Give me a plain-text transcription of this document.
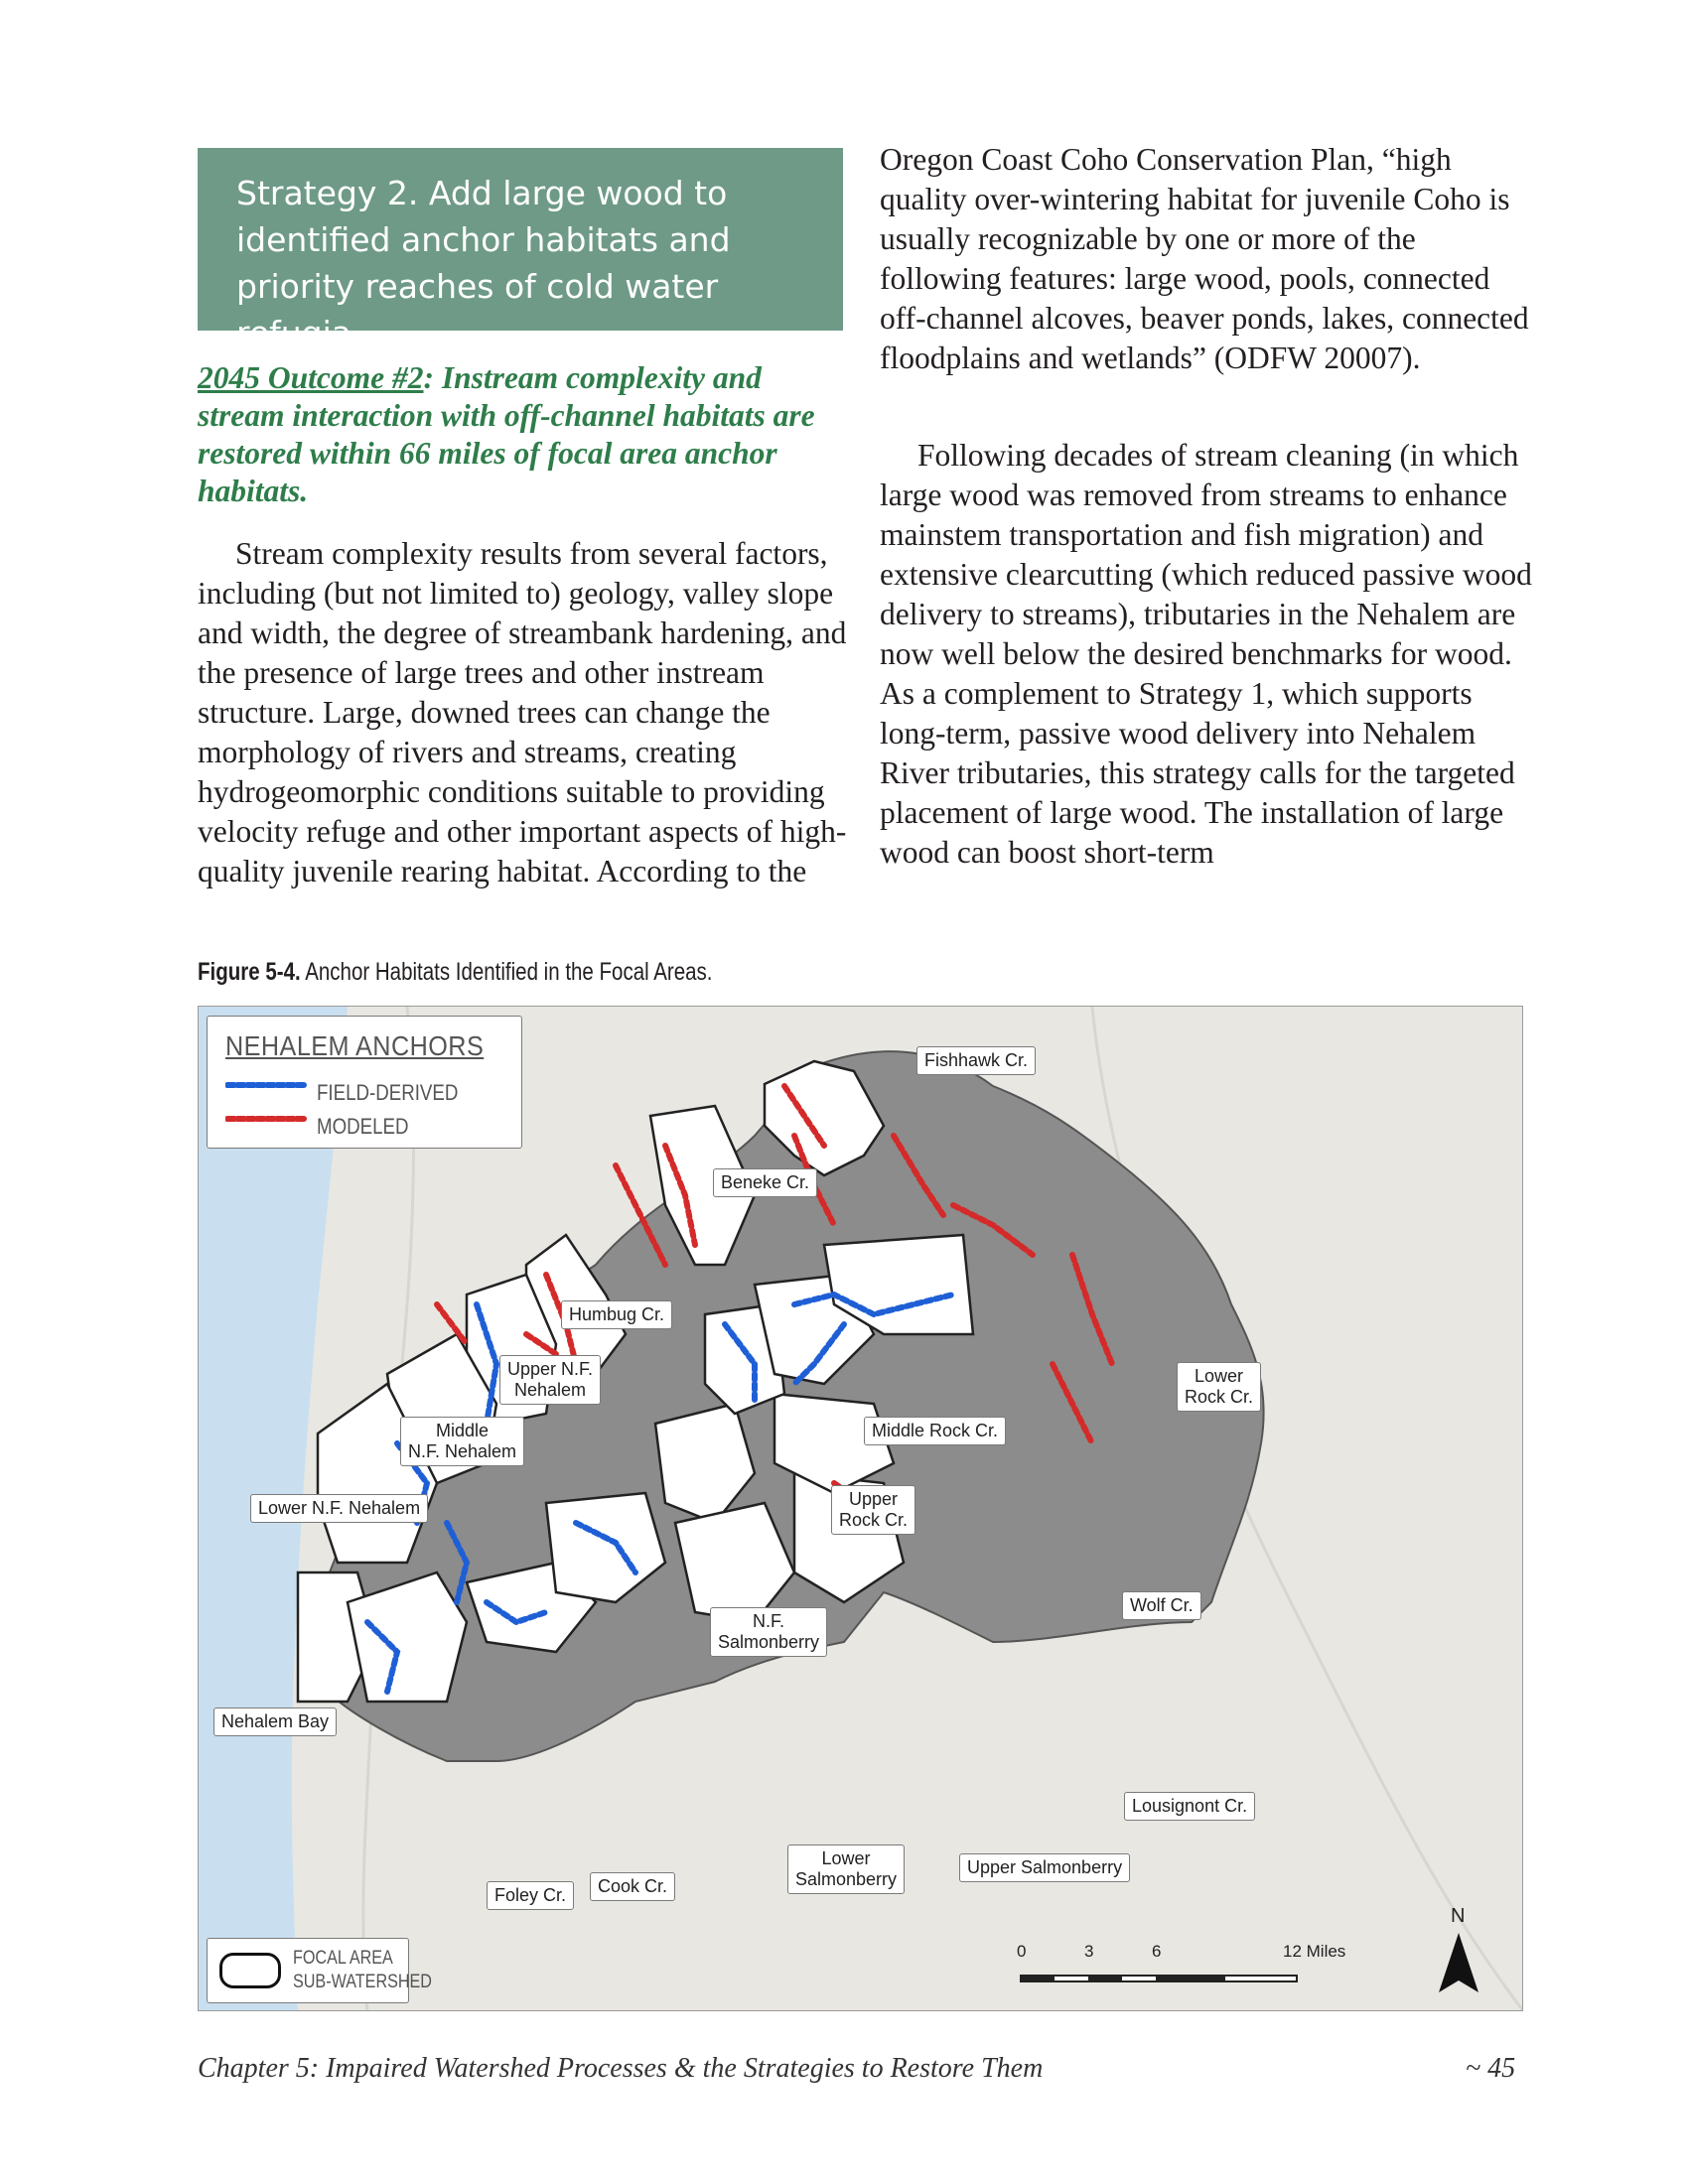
Strategy 2. Add large wood to identified anchor habitats and priority reaches of cold water refugia.
2045 Outcome #2: Instream complexity and stream interaction with off-channel habitats are restored within 66 miles of focal area anchor habitats.

Stream complexity results from several factors, including (but not limited to) geology, valley slope and width, the degree of streambank hardening, and the presence of large trees and other instream structure. Large, downed trees can change the morphology of rivers and streams, creating hydrogeomorphic conditions suitable to providing velocity refuge and other important aspects of high-quality juvenile rearing habitat. According to the

Oregon Coast Coho Conservation Plan, “high quality over-wintering habitat for juvenile Coho is usually recognizable by one or more of the following features: large wood, pools, connected off-channel alcoves, beaver ponds, lakes, connected floodplains and wetlands” (ODFW 20007).

Following decades of stream cleaning (in which large wood was removed from streams to enhance mainstem transportation and fish migration) and extensive clearcutting (which reduced passive wood delivery to streams), tributaries in the Nehalem are now well below the desired benchmarks for wood. As a complement to Strategy 1, which supports long-term, passive wood delivery into Nehalem River tributaries, this strategy calls for the targeted placement of large wood. The installation of large wood can boost short-term

Figure 5-4. Anchor Habitats Identified in the Focal Areas.
NEHALEM ANCHORS
FIELD-DERIVED
MODELED
FOCAL AREA
SUB-WATERSHED
Fishhawk Cr.
Beneke Cr.
Humbug Cr.
Upper N.F.
Nehalem
Middle
N.F. Nehalem
Lower N.F. Nehalem
Lower
Rock Cr.
Middle Rock Cr.
Upper
Rock Cr.
Wolf Cr.
N.F.
Salmonberry
Nehalem Bay
Lousignont Cr.
Lower
Salmonberry
Upper Salmonberry
Foley Cr.	Cook Cr.
0	3	6	12 Miles
N
Chapter 5: Impaired Watershed Processes & the Strategies to Restore Them	~ 45
